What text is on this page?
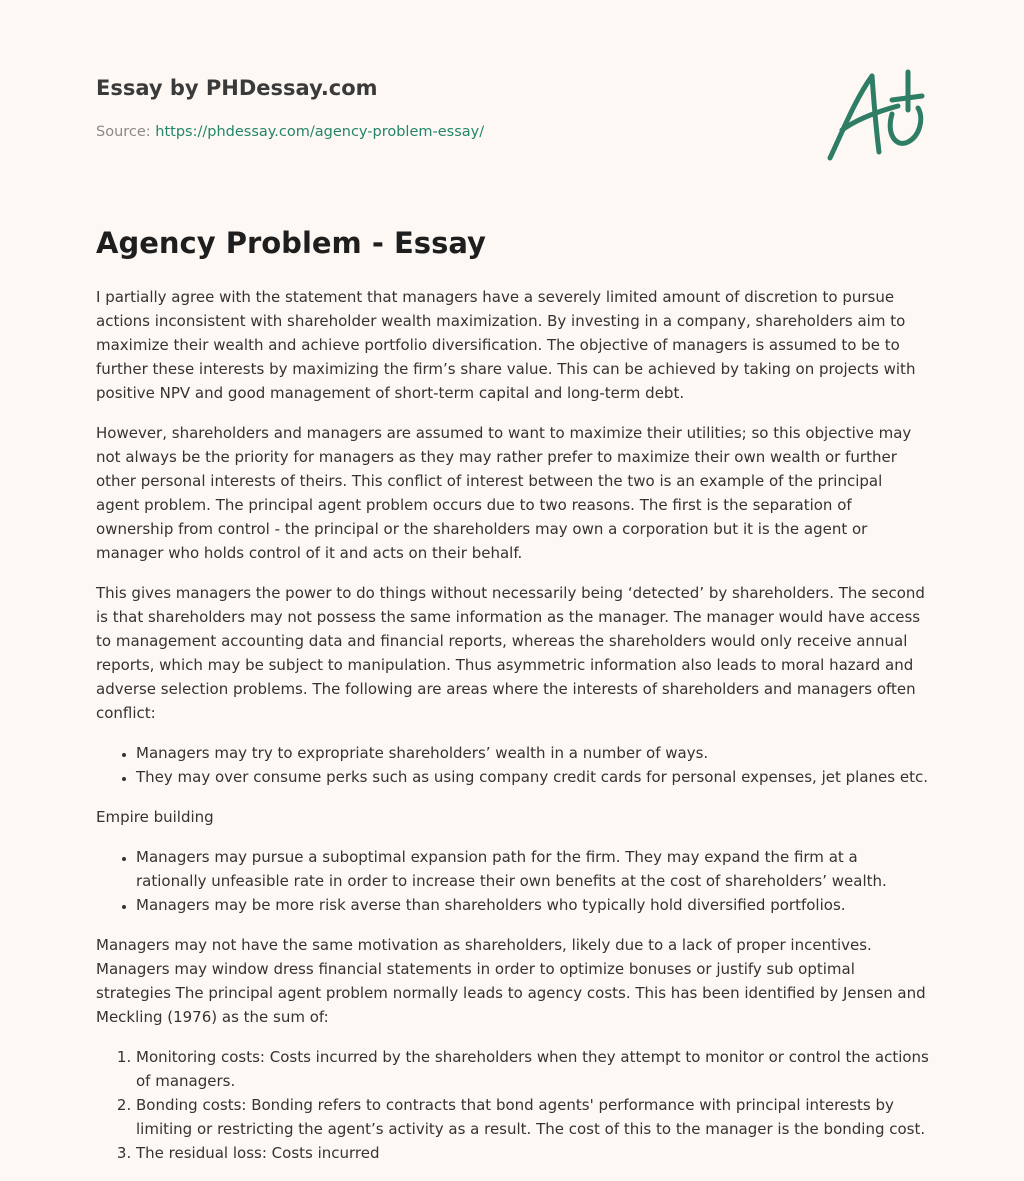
Essay by PHDessay.com
Source: https://phdessay.com/agency-problem-essay/
Agency Problem - Essay

I partially agree with the statement that managers have a severely limited amount of discretion to pursue actions inconsistent with shareholder wealth maximization. By investing in a company, shareholders aim to maximize their wealth and achieve portfolio diversification. The objective of managers is assumed to be to further these interests by maximizing the firm’s share value. This can be achieved by taking on projects with positive NPV and good management of short-term capital and long-term debt.

However, shareholders and managers are assumed to want to maximize their utilities; so this objective may not always be the priority for managers as they may rather prefer to maximize their own wealth or further other personal interests of theirs. This conflict of interest between the two is an example of the principal agent problem. The principal agent problem occurs due to two reasons. The first is the separation of ownership from control - the principal or the shareholders may own a corporation but it is the agent or manager who holds control of it and acts on their behalf.

This gives managers the power to do things without necessarily being ‘detected’ by shareholders. The second is that shareholders may not possess the same information as the manager. The manager would have access to management accounting data and financial reports, whereas the shareholders would only receive annual reports, which may be subject to manipulation. Thus asymmetric information also leads to moral hazard and adverse selection problems. The following are areas where the interests of shareholders and managers often conflict:

• Managers may try to expropriate shareholders’ wealth in a number of ways.
• They may over consume perks such as using company credit cards for personal expenses, jet planes etc.

Empire building

• Managers may pursue a suboptimal expansion path for the firm. They may expand the firm at a rationally unfeasible rate in order to increase their own benefits at the cost of shareholders’ wealth.
• Managers may be more risk averse than shareholders who typically hold diversified portfolios.

Managers may not have the same motivation as shareholders, likely due to a lack of proper incentives. Managers may window dress financial statements in order to optimize bonuses or justify sub optimal strategies The principal agent problem normally leads to agency costs. This has been identified by Jensen and Meckling (1976) as the sum of:

1. Monitoring costs: Costs incurred by the shareholders when they attempt to monitor or control the actions of managers.
2. Bonding costs: Bonding refers to contracts that bond agents' performance with principal interests by limiting or restricting the agent’s activity as a result. The cost of this to the manager is the bonding cost.
3. The residual loss: Costs incurred
